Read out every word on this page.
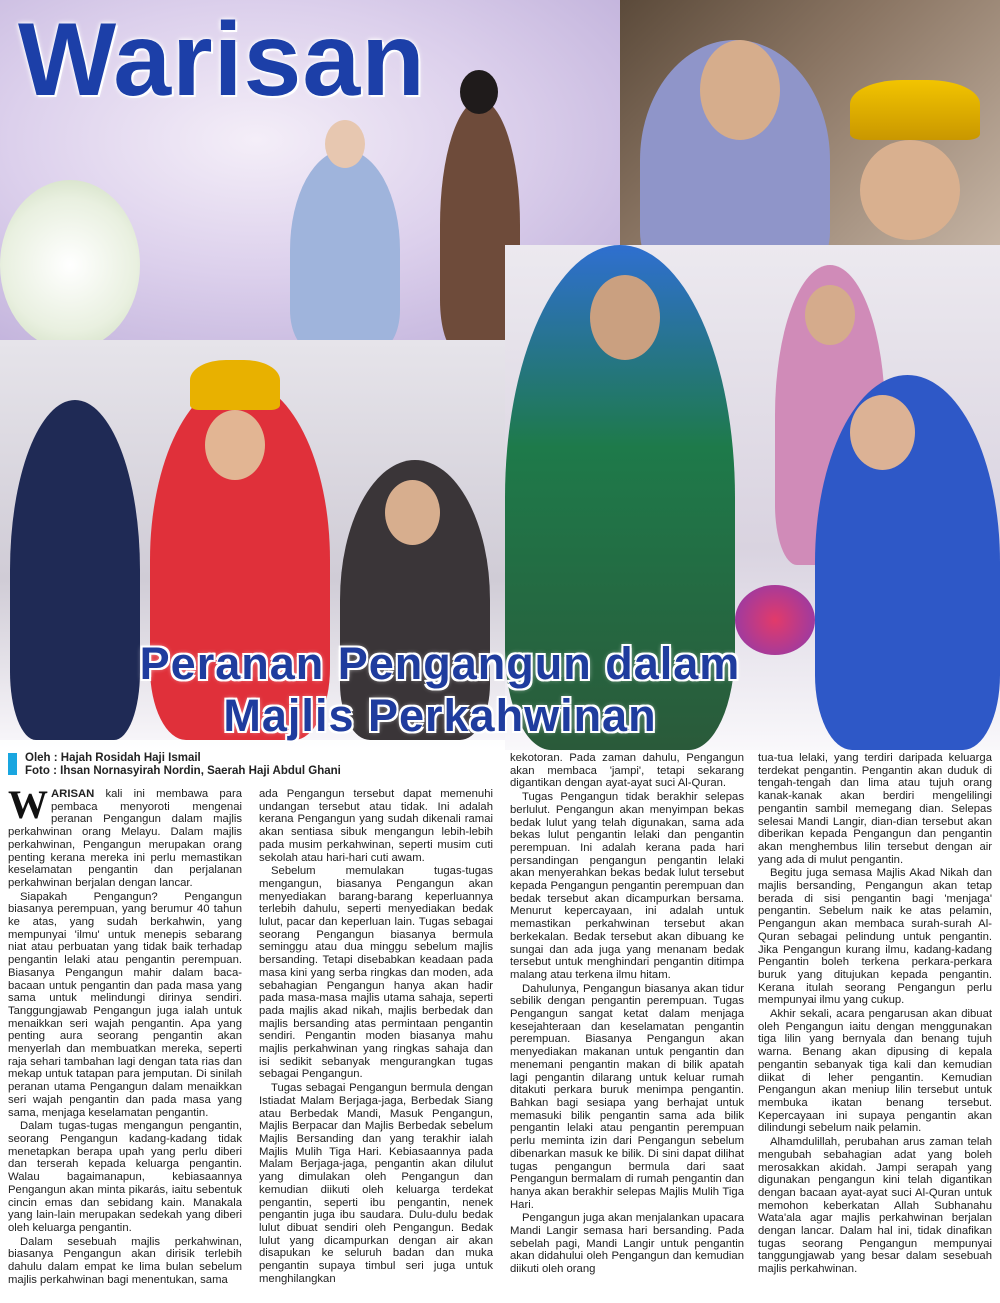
Warisan
Peranan Pengangun dalam
Majlis Perkahwinan
Oleh : Hajah Rosidah Haji Ismail
Foto : Ihsan Nornasyirah Nordin, Saerah Haji Abdul Ghani

WARISAN kali ini membawa para pembaca menyoroti mengenai peranan Pengangun dalam majlis perkahwinan orang Melayu. Dalam majlis perkahwinan, Pengangun merupakan orang penting kerana mereka ini perlu memastikan keselamatan pengantin dan perjalanan perkahwinan berjalan dengan lancar.

Siapakah Pengangun? Pengangun biasanya perempuan, yang berumur 40 tahun ke atas, yang sudah berkahwin, yang mempunyai 'ilmu' untuk menepis sebarang niat atau perbuatan yang tidak baik terhadap pengantin lelaki atau pengantin perempuan. Biasanya Pengangun mahir dalam baca-bacaan untuk pengantin dan pada masa yang sama untuk melindungi dirinya sendiri. Tanggungjawab Pengangun juga ialah untuk menaikkan seri wajah pengantin. Apa yang penting aura seorang pengantin akan menyerlah dan membuatkan mereka, seperti raja sehari tambahan lagi dengan tata rias dan mekap untuk tatapan para jemputan. Di sinilah peranan utama Pengangun dalam menaikkan seri wajah pengantin dan pada masa yang sama, menjaga keselamatan pengantin.

Dalam tugas-tugas mengangun pengantin, seorang Pengangun kadang-kadang tidak menetapkan berapa upah yang perlu diberi dan terserah kepada keluarga pengantin. Walau bagaimanapun, kebiasaannya Pengangun akan minta pikarás, iaitu sebentuk cincin emas dan sebidang kain. Manakala yang lain-lain merupakan sedekah yang diberi oleh keluarga pengantin.

Dalam sesebuah majlis perkahwinan, biasanya Pengangun akan dirisik terlebih dahulu dalam empat ke lima bulan sebelum majlis perkahwinan bagi menentukan, sama

ada Pengangun tersebut dapat memenuhi undangan tersebut atau tidak. Ini adalah kerana Pengangun yang sudah dikenali ramai akan sentiasa sibuk mengangun lebih-lebih pada musim perkahwinan, seperti musim cuti sekolah atau hari-hari cuti awam.

Sebelum memulakan tugas-tugas mengangun, biasanya Pengangun akan menyediakan barang-barang keperluannya terlebih dahulu, seperti menyediakan bedak lulut, pacar dan keperluan lain. Tugas sebagai seorang Pengangun biasanya bermula seminggu atau dua minggu sebelum majlis bersanding. Tetapi disebabkan keadaan pada masa kini yang serba ringkas dan moden, ada sebahagian Pengangun hanya akan hadir pada masa-masa majlis utama sahaja, seperti pada majlis akad nikah, majlis berbedak dan majlis bersanding atas permintaan pengantin sendiri. Pengantin moden biasanya mahu majlis perkahwinan yang ringkas sahaja dan isi sedikit sebanyak mengurangkan tugas sebagai Pengangun.

Tugas sebagai Pengangun bermula dengan Istiadat Malam Berjaga-jaga, Berbedak Siang atau Berbedak Mandi, Masuk Pengangun, Majlis Berpacar dan Majlis Berbedak sebelum Majlis Bersanding dan yang terakhir ialah Majlis Mulih Tiga Hari. Kebiasaannya pada Malam Berjaga-jaga, pengantin akan dilulut yang dimulakan oleh Pengangun dan kemudian diikuti oleh keluarga terdekat pengantin, seperti ibu pengantin, nenek pengantin juga ibu saudara. Dulu-dulu bedak lulut dibuat sendiri oleh Pengangun. Bedak lulut yang dicampurkan dengan air akan disapukan ke seluruh badan dan muka pengantin supaya timbul seri juga untuk menghilangkan

kekotoran. Pada zaman dahulu, Pengangun akan membaca 'jampi', tetapi sekarang digantikan dengan ayat-ayat suci Al-Quran.

Tugas Pengangun tidak berakhir selepas berlulut. Pengangun akan menyimpan bekas bedak lulut yang telah digunakan, sama ada bekas lulut pengantin lelaki dan pengantin perempuan. Ini adalah kerana pada hari persandingan pengangun pengantin lelaki akan menyerahkan bekas bedak lulut tersebut kepada Pengangun pengantin perempuan dan bedak tersebut akan dicampurkan bersama. Menurut kepercayaan, ini adalah untuk memastikan perkahwinan tersebut akan berkekalan. Bedak tersebut akan dibuang ke sungai dan ada juga yang menanam bedak tersebut untuk menghindari pengantin ditimpa malang atau terkena ilmu hitam.

Dahulunya, Pengangun biasanya akan tidur sebilik dengan pengantin perempuan. Tugas Pengangun sangat ketat dalam menjaga kesejahteraan dan keselamatan pengantin perempuan. Biasanya Pengangun akan menyediakan makanan untuk pengantin dan menemani pengantin makan di bilik apatah lagi pengantin dilarang untuk keluar rumah ditakuti perkara buruk menimpa pengantin. Bahkan bagi sesiapa yang berhajat untuk memasuki bilik pengantin sama ada bilik pengantin lelaki atau pengantin perempuan perlu meminta izin dari Pengangun sebelum dibenarkan masuk ke bilik. Di sini dapat dilihat tugas pengangun bermula dari saat Pengangun bermalam di rumah pengantin dan hanya akan berakhir selepas Majlis Mulih Tiga Hari.

Pengangun juga akan menjalankan upacara Mandi Langir semasa hari bersanding. Pada sebelah pagi, Mandi Langir untuk pengantin akan didahului oleh Pengangun dan kemudian diikuti oleh orang

tua-tua lelaki, yang terdiri daripada keluarga terdekat pengantin. Pengantin akan duduk di tengah-tengah dan lima atau tujuh orang kanak-kanak akan berdiri mengelilingi pengantin sambil memegang dian. Selepas selesai Mandi Langir, dian-dian tersebut akan diberikan kepada Pengangun dan pengantin akan menghembus lilin tersebut dengan air yang ada di mulut pengantin.

Begitu juga semasa Majlis Akad Nikah dan majlis bersanding, Pengangun akan tetap berada di sisi pengantin bagi 'menjaga' pengantin. Sebelum naik ke atas pelamin, Pengangun akan membaca surah-surah Al-Quran sebagai pelindung untuk pengantin. Jika Pengangun kurang ilmu, kadang-kadang Pengantin boleh terkena perkara-perkara buruk yang ditujukan kepada pengantin. Kerana itulah seorang Pengangun perlu mempunyai ilmu yang cukup.

Akhir sekali, acara pengarusan akan dibuat oleh Pengangun iaitu dengan menggunakan tiga lilin yang bernyala dan benang tujuh warna. Benang akan dipusing di kepala pengantin sebanyak tiga kali dan kemudian diikat di leher pengantin. Kemudian Pengangun akan meniup lilin tersebut untuk membuka ikatan benang tersebut. Kepercayaan ini supaya pengantin akan dilindungi sebelum naik pelamin.

Alhamdulillah, perubahan arus zaman telah mengubah sebahagian adat yang boleh merosakkan akidah. Jampi serapah yang digunakan pengangun kini telah digantikan dengan bacaan ayat-ayat suci Al-Quran untuk memohon keberkatan Allah Subhanahu Wata'ala agar majlis perkahwinan berjalan dengan lancar. Dalam hal ini, tidak dinafikan tugas seorang Pengangun mempunyai tanggungjawab yang besar dalam sesebuah majlis perkahwinan.
